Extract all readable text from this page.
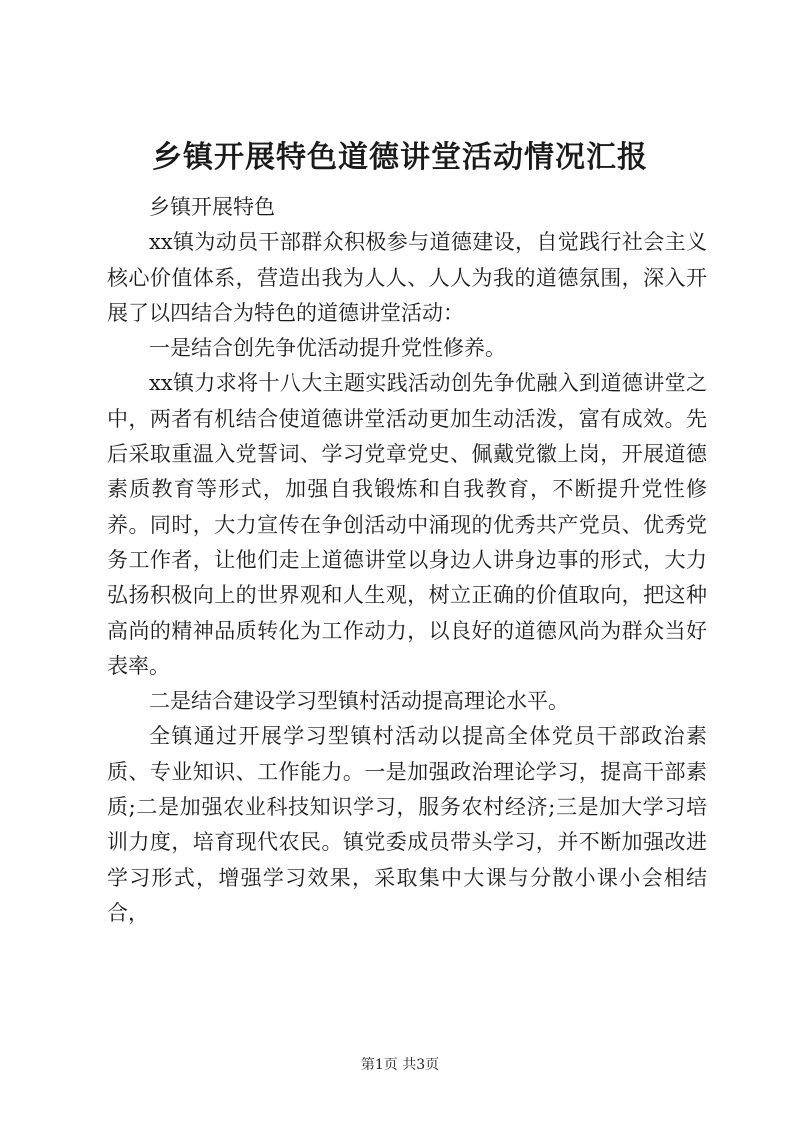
乡镇开展特色道德讲堂活动情况汇报

乡镇开展特色

xx镇为动员干部群众积极参与道德建设，自觉践行社会主义核心价值体系，营造出我为人人、人人为我的道德氛围，深入开展了以四结合为特色的道德讲堂活动：

一是结合创先争优活动提升党性修养。

xx镇力求将十八大主题实践活动创先争优融入到道德讲堂之中，两者有机结合使道德讲堂活动更加生动活泼，富有成效。先后采取重温入党誓词、学习党章党史、佩戴党徽上岗，开展道德素质教育等形式，加强自我锻炼和自我教育，不断提升党性修养。同时，大力宣传在争创活动中涌现的优秀共产党员、优秀党务工作者，让他们走上道德讲堂以身边人讲身边事的形式，大力弘扬积极向上的世界观和人生观，树立正确的价值取向，把这种高尚的精神品质转化为工作动力，以良好的道德风尚为群众当好表率。

二是结合建设学习型镇村活动提高理论水平。

全镇通过开展学习型镇村活动以提高全体党员干部政治素质、专业知识、工作能力。一是加强政治理论学习，提高干部素质;二是加强农业科技知识学习，服务农村经济;三是加大学习培训力度，培育现代农民。镇党委成员带头学习，并不断加强改进学习形式，增强学习效果，采取集中大课与分散小课小会相结合，

第1页 共3页
